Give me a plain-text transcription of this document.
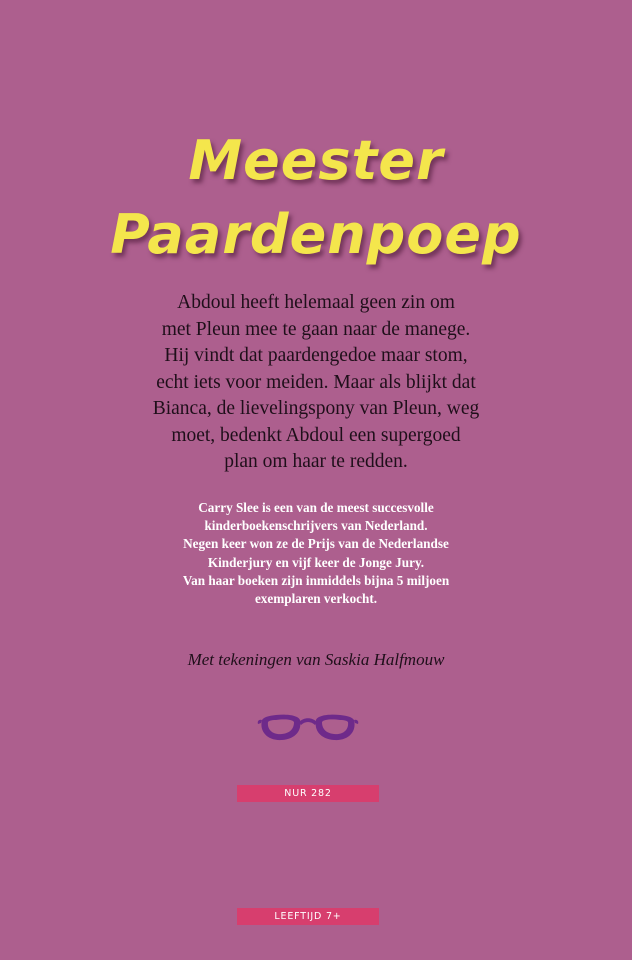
Meester
Paardenpoep
Abdoul heeft helemaal geen zin om
met Pleun mee te gaan naar de manege.
Hij vindt dat paardengedoe maar stom,
echt iets voor meiden. Maar als blijkt dat
Bianca, de lievelingspony van Pleun, weg
moet, bedenkt Abdoul een supergoed
plan om haar te redden.
Carry Slee is een van de meest succesvolle
kinderboekenschrijvers van Nederland.
Negen keer won ze de Prijs van de Nederlandse
Kinderjury en vijf keer de Jonge Jury.
Van haar boeken zijn inmiddels bijna 5 miljoen
exemplaren verkocht.
Met tekeningen van Saskia Halfmouw
NUR 282
LEEFTIJD 7+
